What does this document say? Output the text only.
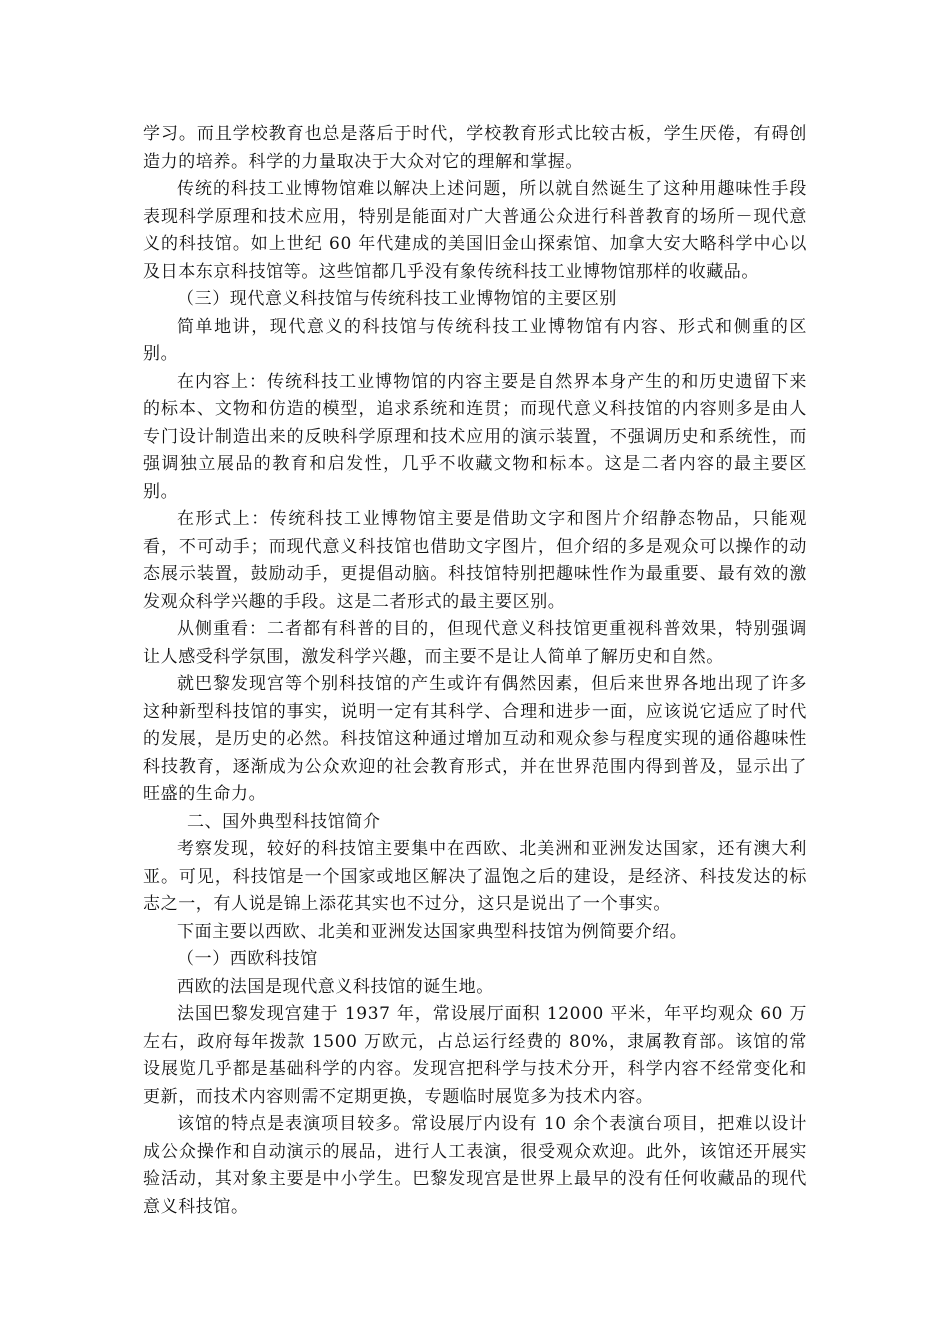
学习。而且学校教育也总是落后于时代，学校教育形式比较古板，学生厌倦，有碍创造力的培养。科学的力量取决于大众对它的理解和掌握。

传统的科技工业博物馆难以解决上述问题，所以就自然诞生了这种用趣味性手段表现科学原理和技术应用，特别是能面对广大普通公众进行科普教育的场所－现代意义的科技馆。如上世纪 60 年代建成的美国旧金山探索馆、加拿大安大略科学中心以及日本东京科技馆等。这些馆都几乎没有象传统科技工业博物馆那样的收藏品。

（三）现代意义科技馆与传统科技工业博物馆的主要区别

简单地讲，现代意义的科技馆与传统科技工业博物馆有内容、形式和侧重的区别。

在内容上：传统科技工业博物馆的内容主要是自然界本身产生的和历史遗留下来的标本、文物和仿造的模型，追求系统和连贯；而现代意义科技馆的内容则多是由人专门设计制造出来的反映科学原理和技术应用的演示装置，不强调历史和系统性，而强调独立展品的教育和启发性，几乎不收藏文物和标本。这是二者内容的最主要区别。

在形式上：传统科技工业博物馆主要是借助文字和图片介绍静态物品，只能观看，不可动手；而现代意义科技馆也借助文字图片，但介绍的多是观众可以操作的动态展示装置，鼓励动手，更提倡动脑。科技馆特别把趣味性作为最重要、最有效的激发观众科学兴趣的手段。这是二者形式的最主要区别。

从侧重看：二者都有科普的目的，但现代意义科技馆更重视科普效果，特别强调让人感受科学氛围，激发科学兴趣，而主要不是让人简单了解历史和自然。

就巴黎发现宫等个别科技馆的产生或许有偶然因素，但后来世界各地出现了许多这种新型科技馆的事实，说明一定有其科学、合理和进步一面，应该说它适应了时代的发展，是历史的必然。科技馆这种通过增加互动和观众参与程度实现的通俗趣味性科技教育，逐渐成为公众欢迎的社会教育形式，并在世界范围内得到普及，显示出了旺盛的生命力。

二、国外典型科技馆简介

考察发现，较好的科技馆主要集中在西欧、北美洲和亚洲发达国家，还有澳大利亚。可见，科技馆是一个国家或地区解决了温饱之后的建设，是经济、科技发达的标志之一，有人说是锦上添花其实也不过分，这只是说出了一个事实。

下面主要以西欧、北美和亚洲发达国家典型科技馆为例简要介绍。

（一）西欧科技馆

西欧的法国是现代意义科技馆的诞生地。

法国巴黎发现宫建于 1937 年，常设展厅面积 12000 平米，年平均观众 60 万左右，政府每年拨款 1500 万欧元，占总运行经费的 80%，隶属教育部。该馆的常设展览几乎都是基础科学的内容。发现宫把科学与技术分开，科学内容不经常变化和更新，而技术内容则需不定期更换，专题临时展览多为技术内容。

该馆的特点是表演项目较多。常设展厅内设有 10 余个表演台项目，把难以设计成公众操作和自动演示的展品，进行人工表演，很受观众欢迎。此外，该馆还开展实验活动，其对象主要是中小学生。巴黎发现宫是世界上最早的没有任何收藏品的现代意义科技馆。
